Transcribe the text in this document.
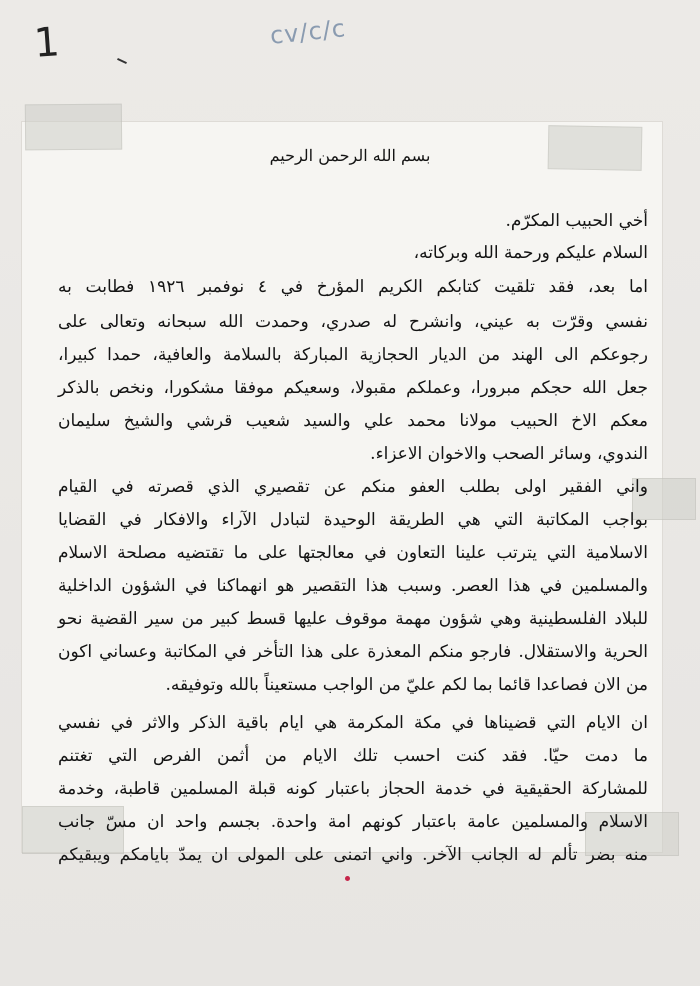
1	cv/c/c
بسم الله الرحمن الرحيم
أخي الحبيب المكرّم.
السلام عليكم ورحمة الله وبركاته،
اما بعد، فقد تلقيت كتابكم الكريم المؤرخ في ٤ نوفمبر ١٩٢٦ فطابت به
نفسي وقرّت به عيني، وانشرح له صدري، وحمدت الله سبحانه وتعالى على
رجوعكم الى الهند من الديار الحجازية المباركة بالسلامة والعافية، حمدا كبيرا،
جعل الله حجكم مبرورا، وعملكم مقبولا، وسعيكم موفقا مشكورا، ونخص بالذكر
معكم الاخ الحبيب مولانا محمد علي والسيد شعيب قرشي والشيخ سليمان
الندوي، وسائر الصحب والاخوان الاعزاء.
واني الفقير اولى بطلب العفو منكم عن تقصيري الذي قصرته في القيام
بواجب المكاتبة التي هي الطريقة الوحيدة لتبادل الآراء والافكار في القضايا
الاسلامية التي يترتب علينا التعاون في معالجتها على ما تقتضيه مصلحة الاسلام
والمسلمين في هذا العصر. وسبب هذا التقصير هو انهماكنا في الشؤون الداخلية
للبلاد الفلسطينية وهي شؤون مهمة موقوف عليها قسط كبير من سير القضية نحو
الحرية والاستقلال. فارجو منكم المعذرة على هذا التأخر في المكاتبة وعساني اكون
من الان فصاعدا قائما بما لكم عليّ من الواجب مستعيناً بالله وتوفيقه.
ان الايام التي قضيناها في مكة المكرمة هي ايام باقية الذكر والاثر في نفسي
ما دمت حيّا. فقد كنت احسب تلك الايام من أثمن الفرص التي تغتنم
للمشاركة الحقيقية في خدمة الحجاز باعتبار كونه قبلة المسلمين قاطبة، وخدمة
الاسلام والمسلمين عامة باعتبار كونهم امة واحدة. بجسم واحد ان مسّ جانب
منه بضر تألم له الجانب الآخر. واني اتمنى على المولى ان يمدّ بايامكم ويبقيكم
